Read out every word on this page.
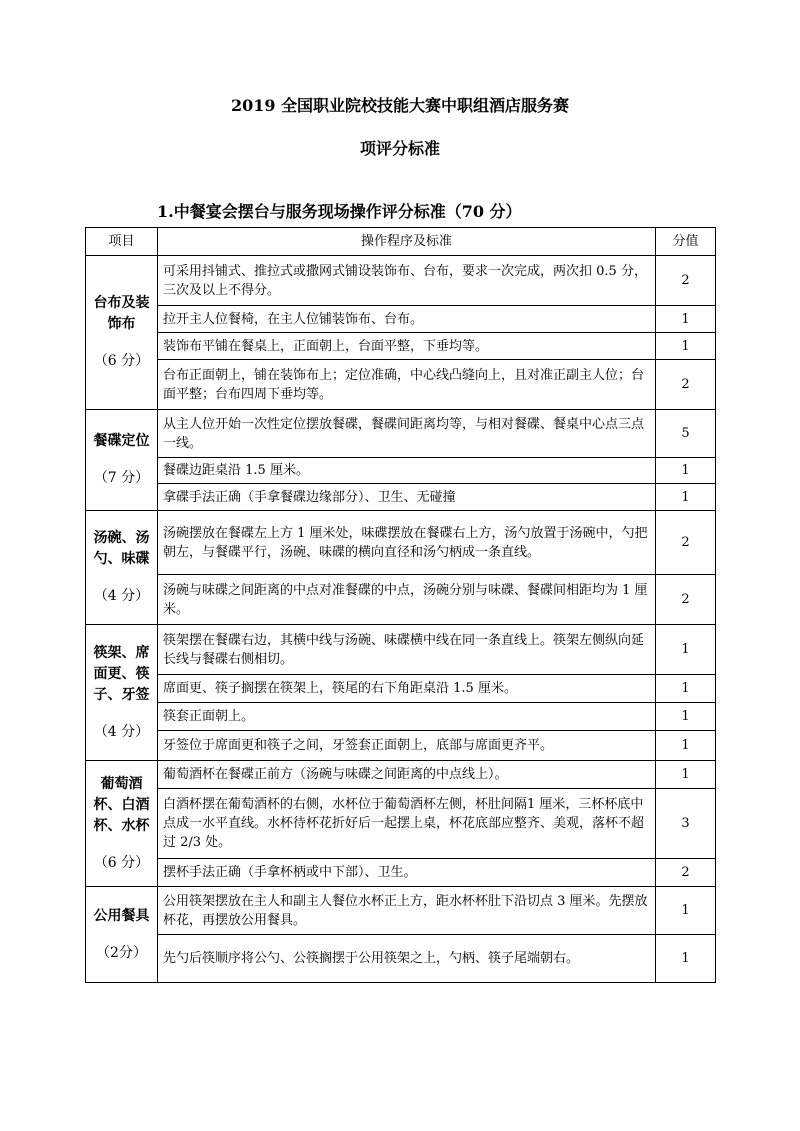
2019 全国职业院校技能大赛中职组酒店服务赛
项评分标准
1.中餐宴会摆台与服务现场操作评分标准（70 分）
项目	操作程序及标准	分值
台布及装饰布
（6 分）	可采用抖铺式、推拉式或撒网式铺设装饰布、台布，要求一次完成，两次扣 0.5 分，三次及以上不得分。	2
	拉开主人位餐椅，在主人位铺装饰布、台布。	1
	装饰布平铺在餐桌上，正面朝上，台面平整，下垂均等。	1
	台布正面朝上，铺在装饰布上；定位准确，中心线凸缝向上，且对准正副主人位；台面平整；台布四周下垂均等。	2
餐碟定位
（7 分）	从主人位开始一次性定位摆放餐碟，餐碟间距离均等，与相对餐碟、餐桌中心点三点一线。	5
	餐碟边距桌沿 1.5 厘米。	1
	拿碟手法正确（手拿餐碟边缘部分）、卫生、无碰撞	1
汤碗、汤勺、味碟
（4 分）	汤碗摆放在餐碟左上方 1 厘米处，味碟摆放在餐碟右上方，汤勺放置于汤碗中，勺把朝左，与餐碟平行，汤碗、味碟的横向直径和汤勺柄成一条直线。	2
	汤碗与味碟之间距离的中点对准餐碟的中点，汤碗分别与味碟、餐碟间相距均为 1 厘米。	2
筷架、席面更、筷子、牙签
（4 分）	筷架摆在餐碟右边，其横中线与汤碗、味碟横中线在同一条直线上。筷架左侧纵向延长线与餐碟右侧相切。	1
	席面更、筷子搁摆在筷架上，筷尾的右下角距桌沿 1.5 厘米。	1
	筷套正面朝上。	1
	牙签位于席面更和筷子之间，牙签套正面朝上，底部与席面更齐平。	1
葡萄酒杯、白酒杯、水杯
（6 分）	葡萄酒杯在餐碟正前方（汤碗与味碟之间距离的中点线上）。	1
	白酒杯摆在葡萄酒杯的右侧，水杯位于葡萄酒杯左侧，杯肚间隔1 厘米，三杯杯底中点成一水平直线。水杯待杯花折好后一起摆上桌，杯花底部应整齐、美观，落杯不超过 2/3 处。	3
	摆杯手法正确（手拿杯柄或中下部）、卫生。	2
公用餐具
（2分）	公用筷架摆放在主人和副主人餐位水杯正上方，距水杯杯肚下沿切点 3 厘米。先摆放杯花，再摆放公用餐具。	1
	先勺后筷顺序将公勺、公筷搁摆于公用筷架之上，勺柄、筷子尾端朝右。	1
